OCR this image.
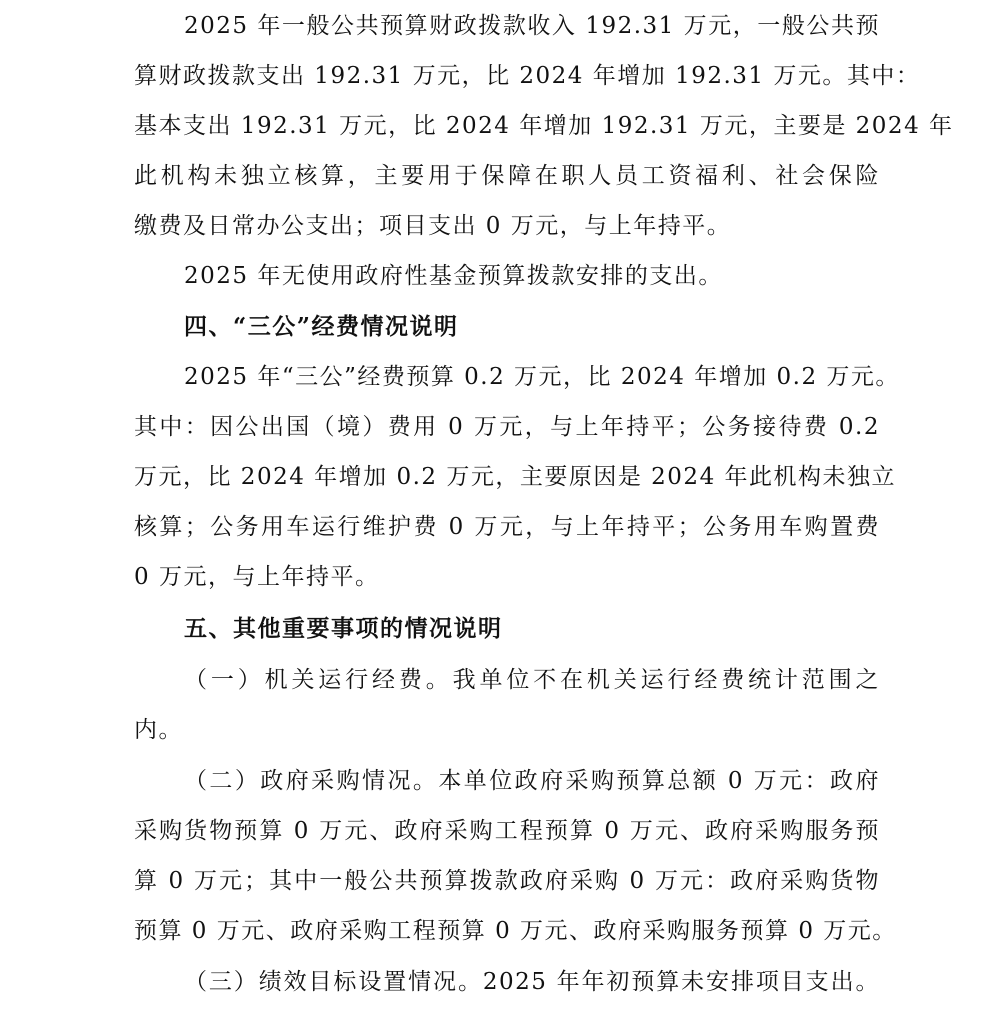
2025 年一般公共预算财政拨款收入 192.31 万元，一般公共预
算财政拨款支出 192.31 万元，比 2024 年增加 192.31 万元。其中：
基本支出 192.31 万元，比 2024 年增加 192.31 万元，主要是 2024 年
此机构未独立核算，主要用于保障在职人员工资福利、社会保险
缴费及日常办公支出；项目支出 0 万元，与上年持平。
2025 年无使用政府性基金预算拨款安排的支出。
四、“三公”经费情况说明
2025 年“三公”经费预算 0.2 万元，比 2024 年增加 0.2 万元。
其中：因公出国（境）费用 0 万元，与上年持平；公务接待费 0.2
万元，比 2024 年增加 0.2 万元，主要原因是 2024 年此机构未独立
核算；公务用车运行维护费 0 万元，与上年持平；公务用车购置费
0 万元，与上年持平。
五、其他重要事项的情况说明
（一）机关运行经费。我单位不在机关运行经费统计范围之
内。
（二）政府采购情况。本单位政府采购预算总额 0 万元：政府
采购货物预算 0 万元、政府采购工程预算 0 万元、政府采购服务预
算 0 万元；其中一般公共预算拨款政府采购 0 万元：政府采购货物
预算 0 万元、政府采购工程预算 0 万元、政府采购服务预算 0 万元。
（三）绩效目标设置情况。2025 年年初预算未安排项目支出。
